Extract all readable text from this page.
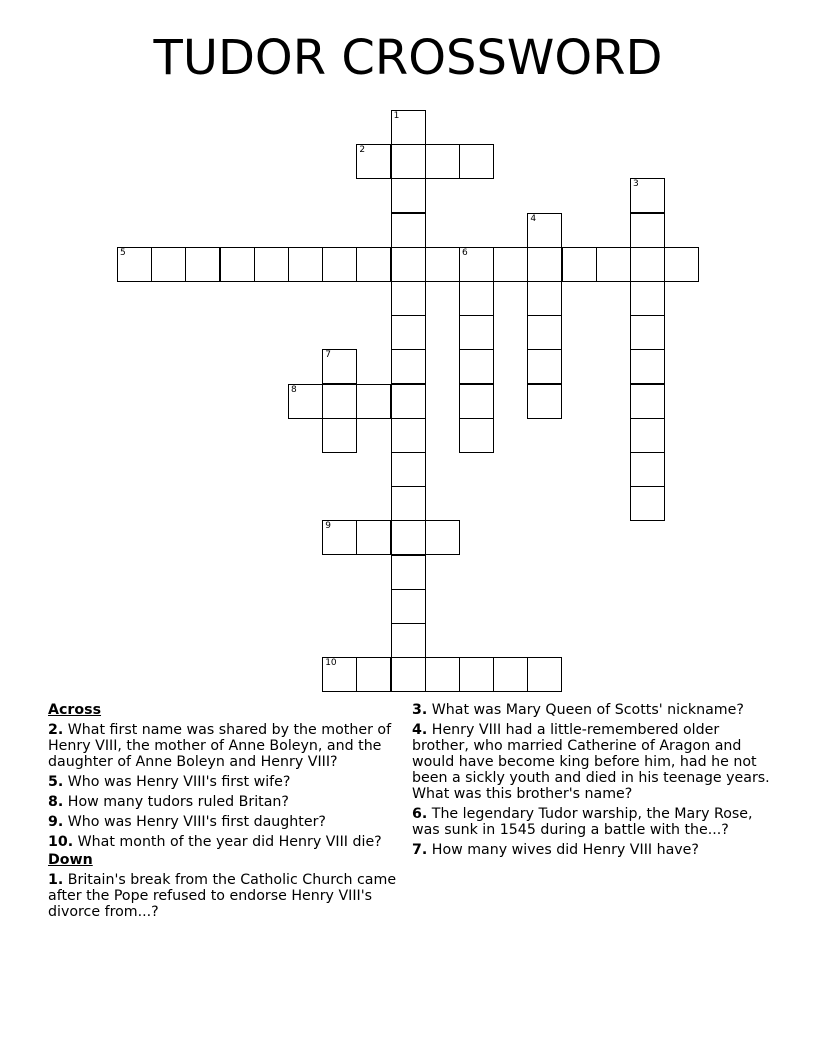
TUDOR CROSSWORD
1
2
3
4
5	6
7
8
9
10
Across
2. What first name was shared by the mother of Henry VIII, the mother of Anne Boleyn, and the daughter of Anne Boleyn and Henry VIII?
5. Who was Henry VIII's first wife?
8. How many tudors ruled Britan?
9. Who was Henry VIII's first daughter?
10. What month of the year did Henry VIII die?
Down
1. Britain's break from the Catholic Church came after the Pope refused to endorse Henry VIII's divorce from...?
3. What was Mary Queen of Scotts' nickname?
4. Henry VIII had a little-remembered older brother, who married Catherine of Aragon and would have become king before him, had he not been a sickly youth and died in his teenage years. What was this brother's name?
6. The legendary Tudor warship, the Mary Rose, was sunk in 1545 during a battle with the...?
7. How many wives did Henry VIII have?
